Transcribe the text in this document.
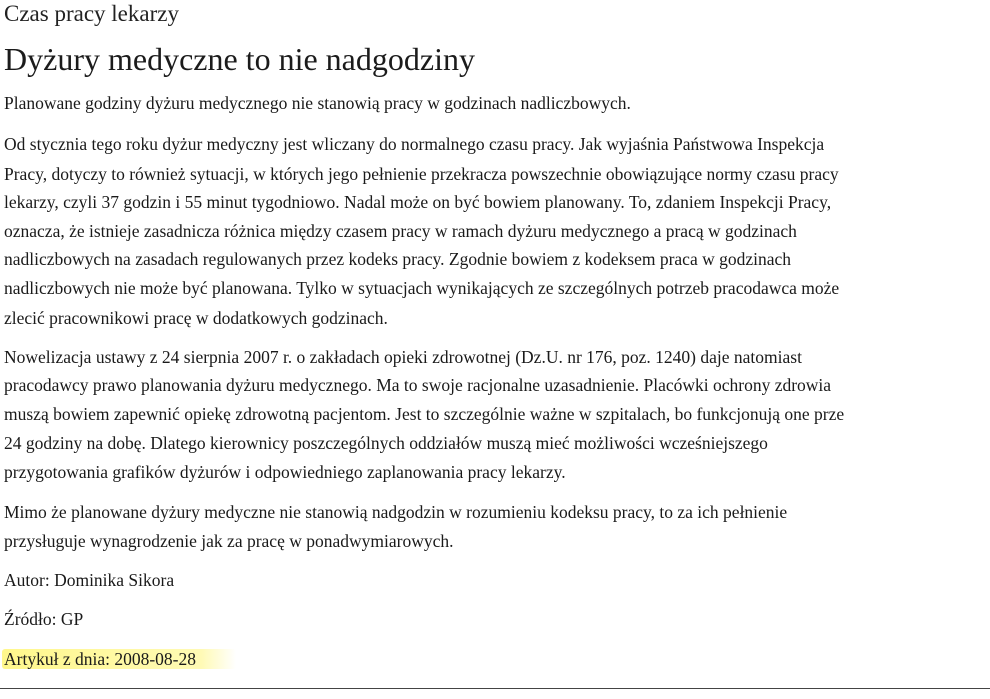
Czas pracy lekarzy
Dyżury medyczne to nie nadgodziny
Planowane godziny dyżuru medycznego nie stanowią pracy w godzinach nadliczbowych.
Od stycznia tego roku dyżur medyczny jest wliczany do normalnego czasu pracy. Jak wyjaśnia Państwowa Inspekcja
Pracy, dotyczy to również sytuacji, w których jego pełnienie przekracza powszechnie obowiązujące normy czasu pracy
lekarzy, czyli 37 godzin i 55 minut tygodniowo. Nadal może on być bowiem planowany. To, zdaniem Inspekcji Pracy,
oznacza, że istnieje zasadnicza różnica między czasem pracy w ramach dyżuru medycznego a pracą w godzinach
nadliczbowych na zasadach regulowanych przez kodeks pracy. Zgodnie bowiem z kodeksem praca w godzinach
nadliczbowych nie może być planowana. Tylko w sytuacjach wynikających ze szczególnych potrzeb pracodawca może
zlecić pracownikowi pracę w dodatkowych godzinach.
Nowelizacja ustawy z 24 sierpnia 2007 r. o zakładach opieki zdrowotnej (Dz.U. nr 176, poz. 1240) daje natomiast
pracodawcy prawo planowania dyżuru medycznego. Ma to swoje racjonalne uzasadnienie. Placówki ochrony zdrowia
muszą bowiem zapewnić opiekę zdrowotną pacjentom. Jest to szczególnie ważne w szpitalach, bo funkcjonują one prze
24 godziny na dobę. Dlatego kierownicy poszczególnych oddziałów muszą mieć możliwości wcześniejszego
przygotowania grafików dyżurów i odpowiedniego zaplanowania pracy lekarzy.
Mimo że planowane dyżury medyczne nie stanowią nadgodzin w rozumieniu kodeksu pracy, to za ich pełnienie
przysługuje wynagrodzenie jak za pracę w ponadwymiarowych.
Autor: Dominika Sikora
Źródło: GP
Artykuł z dnia: 2008-08-28
